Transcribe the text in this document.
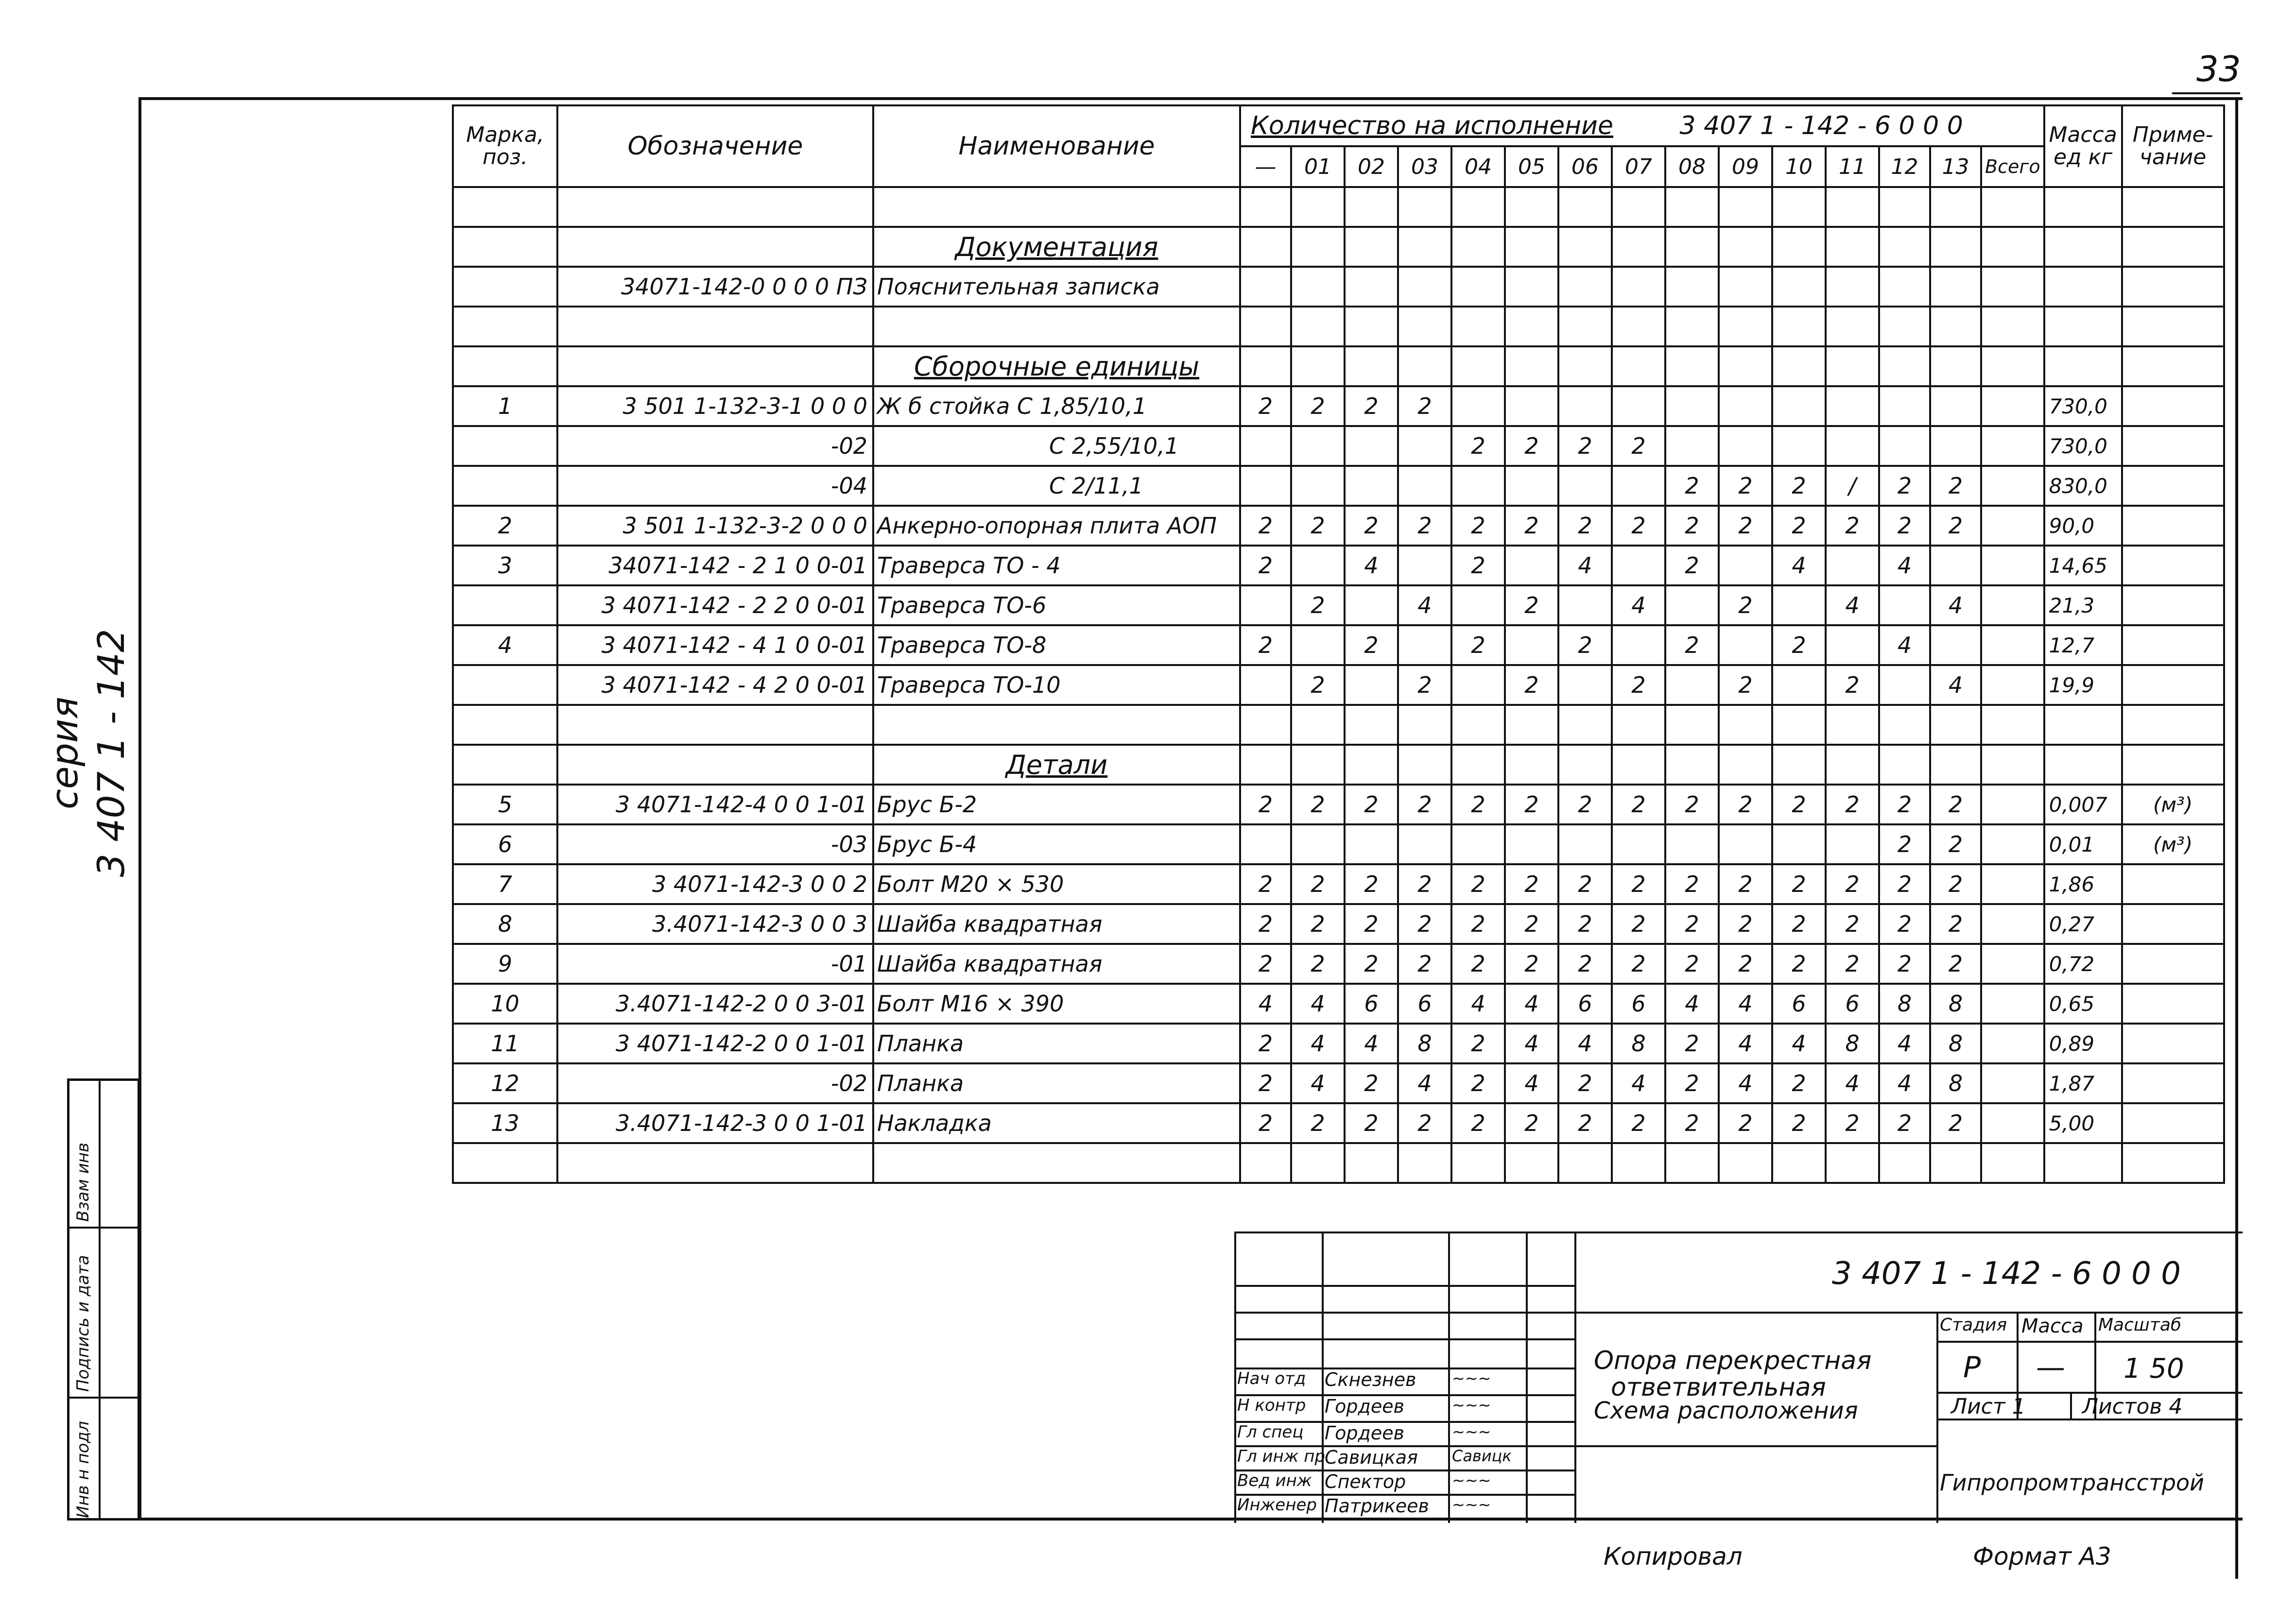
33
серия 3 407 1 - 142
Инв н подл
Подпись и дата
Взам инв
Марка, поз.	Обозначение	Наименование	Количество на исполнение 3 407 1 - 142 - 6 0 0 0															Масса ед кг	Приме- чание
			—	01	02	03	04	05	06	07	08	09	10	11	12	13	Всего		

		Документация																	
	34071-142-0 0 0 0 ПЗ	Пояснительная записка																	

		Сборочные единицы																	
1	3 501 1-132-3-1 0 0 0	Ж б стойка С 1,85/10,1	2	2	2	2												730,0	
	-02	С 2,55/10,1					2	2	2	2								730,0	
	-04	С 2/11,1									2	2	2	/	2	2		830,0	
2	3 501 1-132-3-2 0 0 0	Анкерно-опорная плита АОП	2	2	2	2	2	2	2	2	2	2	2	2	2	2		90,0	
3	34071-142 - 2 1 0 0-01	Траверса ТО - 4	2		4		2		4		2		4		4			14,65	
	3 4071-142 - 2 2 0 0-01	Траверса ТО-6		2		4		2		4		2		4		4		21,3	
4	3 4071-142 - 4 1 0 0-01	Траверса ТО-8	2		2		2		2		2		2		4			12,7	
	3 4071-142 - 4 2 0 0-01	Траверса ТО-10		2		2		2		2		2		2		4		19,9	

		Детали																	
5	3 4071-142-4 0 0 1-01	Брус Б-2	2	2	2	2	2	2	2	2	2	2	2	2	2	2		0,007	(м³)
6	-03	Брус Б-4													2	2		0,01	(м³)
7	3 4071-142-3 0 0 2	Болт М20 × 530	2	2	2	2	2	2	2	2	2	2	2	2	2	2		1,86	
8	3.4071-142-3 0 0 3	Шайба квадратная	2	2	2	2	2	2	2	2	2	2	2	2	2	2		0,27	
9	-01	Шайба квадратная	2	2	2	2	2	2	2	2	2	2	2	2	2	2		0,72	
10	3.4071-142-2 0 0 3-01	Болт М16 × 390	4	4	6	6	4	4	6	6	4	4	6	6	8	8		0,65	
11	3 4071-142-2 0 0 1-01	Планка	2	4	4	8	2	4	4	8	2	4	4	8	4	8		0,89	
12	-02	Планка	2	4	2	4	2	4	2	4	2	4	2	4	4	8		1,87	
13	3.4071-142-3 0 0 1-01	Накладка	2	2	2	2	2	2	2	2	2	2	2	2	2	2		5,00	

3 407 1 - 142 - 6 0 0 0
Опора перекрестная
ответвительная
Схема расположения
Стадия Масса Масштаб
Р — 1 50
Лист 1	Листов 4
Гипропромтрансстрой
Нач отд Скнезнев ~~~
Н контр Гордеев	~~~
Гл спец Гордеев	~~~
Гл инж пр
Савицкая Савицк
Вед инж Спектор	~~~
Инженер Патрикеев ~~~
Копировал	Формат А3
